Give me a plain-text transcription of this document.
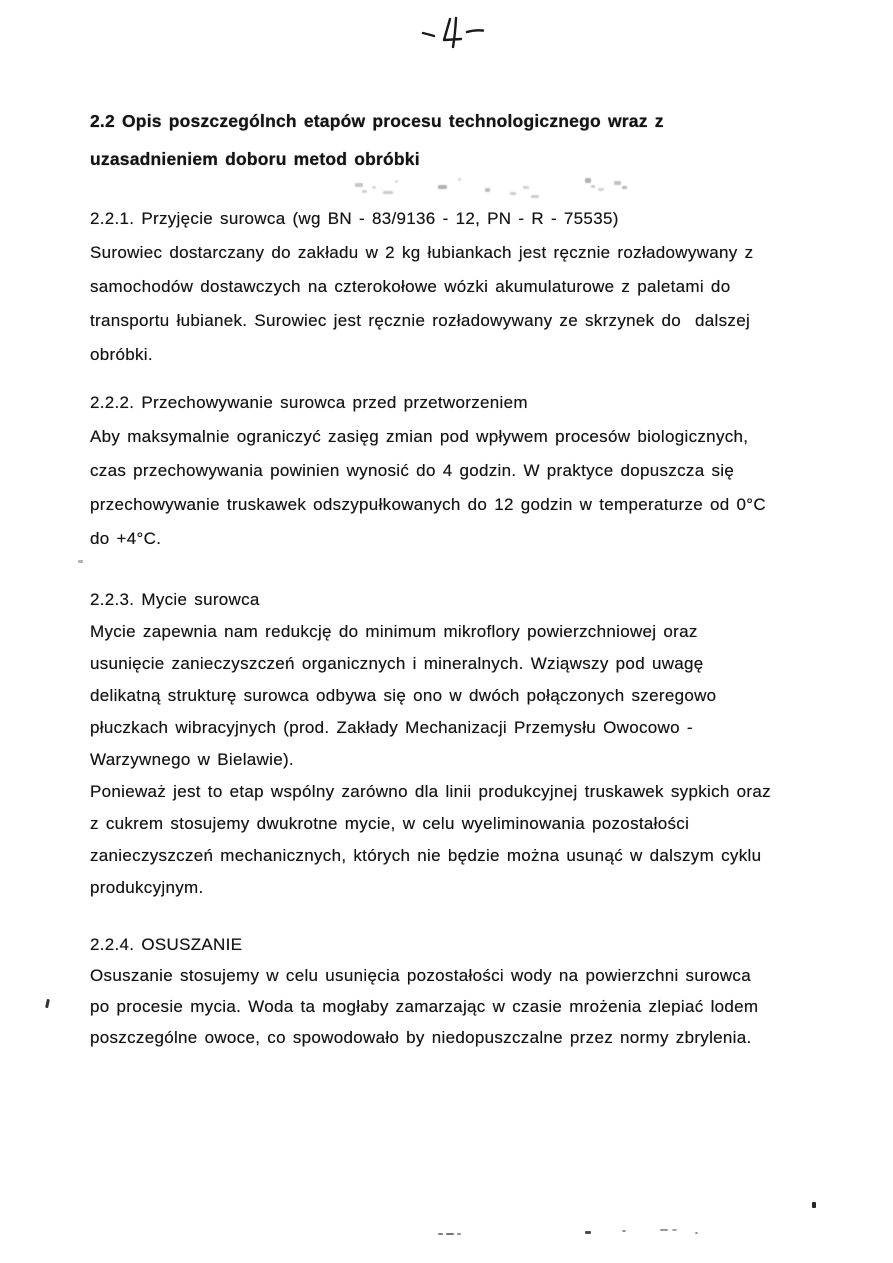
2.2 Opis poszczególnch etapów procesu technologicznego wraz z
uzasadnieniem doboru metod obróbki
2.2.1. Przyjęcie surowca (wg BN - 83/9136 - 12, PN - R - 75535)
Surowiec dostarczany do zakładu w 2 kg łubiankach jest ręcznie rozładowywany z
samochodów dostawczych na czterokołowe wózki akumulaturowe z paletami do
transportu łubianek. Surowiec jest ręcznie rozładowywany ze skrzynek do  dalszej
obróbki.
2.2.2. Przechowywanie surowca przed przetworzeniem
Aby maksymalnie ograniczyć zasięg zmian pod wpływem procesów biologicznych,
czas przechowywania powinien wynosić do 4 godzin. W praktyce dopuszcza się
przechowywanie truskawek odszypułkowanych do 12 godzin w temperaturze od 0°C
do +4°C.
2.2.3. Mycie surowca
Mycie zapewnia nam redukcję do minimum mikroflory powierzchniowej oraz
usunięcie zanieczyszczeń organicznych i mineralnych. Wziąwszy pod uwagę
delikatną strukturę surowca odbywa się ono w dwóch połączonych szeregowo
płuczkach wibracyjnych (prod. Zakłady Mechanizacji Przemysłu Owocowo -
Warzywnego w Bielawie).
Ponieważ jest to etap wspólny zarówno dla linii produkcyjnej truskawek sypkich oraz
z cukrem stosujemy dwukrotne mycie, w celu wyeliminowania pozostałości
zanieczyszczeń mechanicznych, których nie będzie można usunąć w dalszym cyklu
produkcyjnym.
2.2.4. OSUSZANIE
Osuszanie stosujemy w celu usunięcia pozostałości wody na powierzchni surowca
po procesie mycia. Woda ta mogłaby zamarzając w czasie mrożenia zlepiać lodem
poszczególne owoce, co spowodowało by niedopuszczalne przez normy zbrylenia.
